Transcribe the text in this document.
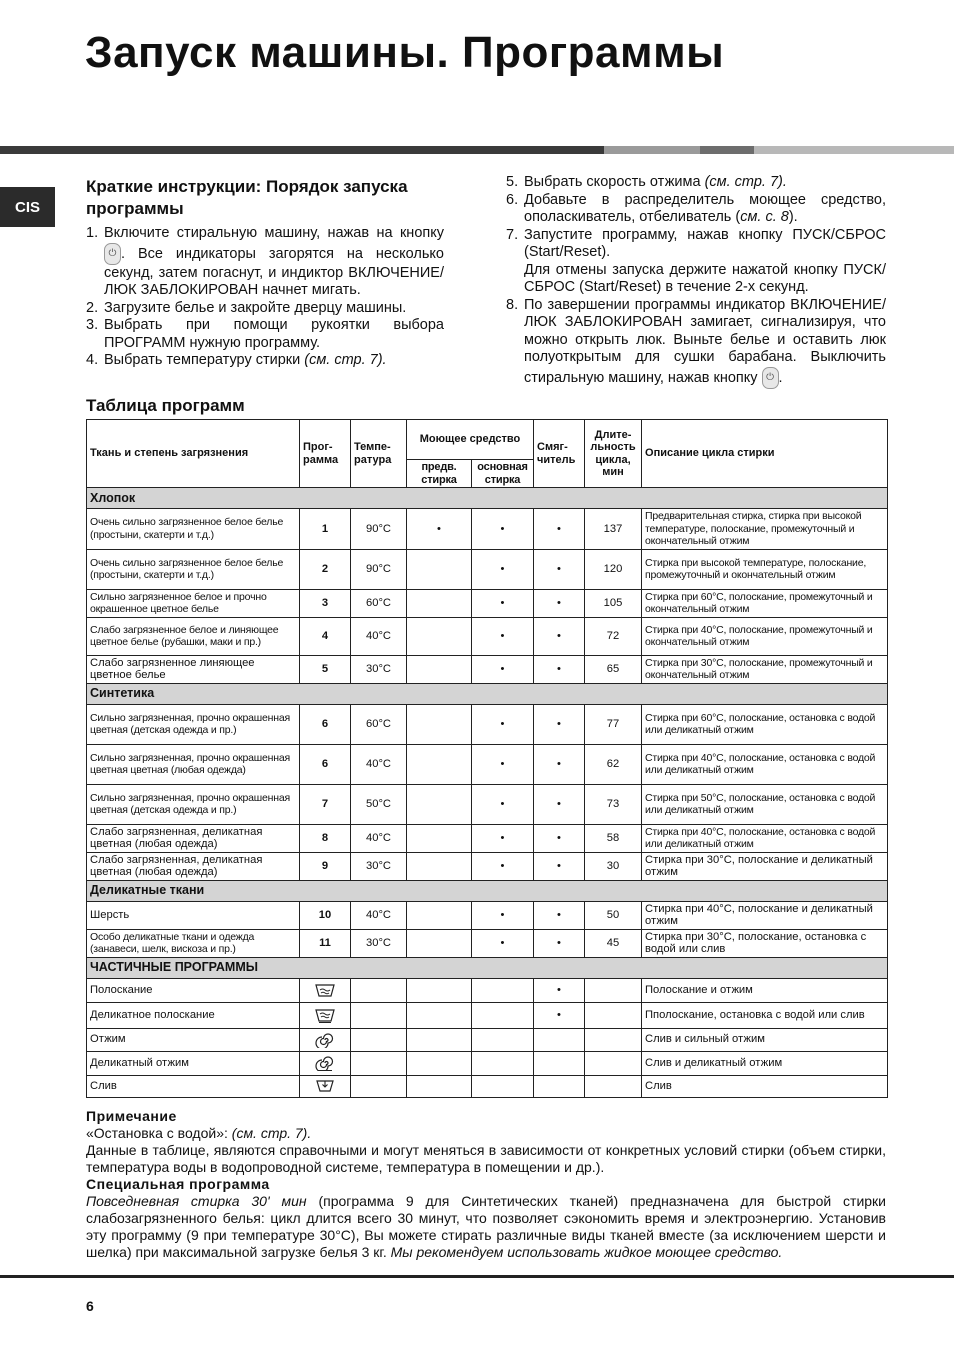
Запуск машины. Программы
CIS
Краткие инструкции: Порядок запуска программы
1. Включите стиральную машину, нажав на кнопку ⏻ . Все индикаторы загорятся на несколько секунд, затем погаснут, и индиктор ВКЛЮЧЕНИЕ/ЛЮК ЗАБЛОКИРОВАН начнет мигать.
2. Загрузите белье и закройте дверцу машины.
3. Выбрать при помощи рукоятки выбора ПРОГРАММ нужную программу.
4. Выбрать температуру стирки (см. стр. 7).
5. Выбрать скорость отжима (см. стр. 7).
6. Добавьте в распределитель моющее средство, ополаскиватель, отбеливатель (см. с. 8).
7. Запустите программу, нажав кнопку ПУСК/СБРОС (Start/Reset).
Для отмены запуска держите нажатой кнопку ПУСК/СБРОС (Start/Reset) в течение 2-х секунд.
8. По завершении программы индикатор ВКЛЮЧЕНИЕ/ЛЮК ЗАБЛОКИРОВАН замигает, сигнализируя, что можно открыть люк. Выньте белье и оставить люк полуоткрытым для сушки барабана. Выключить стиральную машину, нажав кнопку ⏻ .
Таблица программ
Ткань и степень загрязнения	Прог-рамма	Темпе-ратура	Моющее средство		Смяг-читель	Длите-льность цикла, мин	Описание цикла стирки
			предв. стирка	основная стирка			
Хлопок							
Очень сильно загрязненное белое белье (простыни, скатерти и т.д.)	1	90°C	•	•	•	137	Предварительная стирка, стирка при высокой температуре, полоскание, промежуточный и окончательный отжим
Очень сильно загрязненное белое белье (простыни, скатерти и т.д.)	2	90°C		•	•	120	Стирка при высокой температуре, полоскание, промежуточный и окончательный отжим
Сильно загрязненное белое и прочно окрашенное цветное белье	3	60°C		•	•	105	Стирка при 60°C, полоскание, промежуточный и окончательный отжим
Слабо загрязненное белое и линяющее цветное белье (рубашки, маки и пр.)	4	40°C		•	•	72	Стирка при 40°C, полоскание, промежуточный и окончательный отжим
Слабо загрязненное линяющее цветное белье	5	30°C		•	•	65	Стирка при 30°C, полоскание, промежуточный и окончательный отжим
Синтетика							
Сильно загрязненная, прочно окрашенная цветная (детская одежда и пр.)	6	60°C		•	•	77	Стирка при 60°C, полоскание, остановка с водой или деликатный отжим
Сильно загрязненная, прочно окрашенная цветная цветная (любая одежда)	6	40°C		•	•	62	Стирка при 40°C, полоскание, остановка с водой или деликатный отжим
Сильно загрязненная, прочно окрашенная цветная (детская одежда и пр.)	7	50°C		•	•	73	Стирка при 50°C, полоскание, остановка с водой или деликатный отжим
Слабо загрязненная, деликатная цветная (любая одежда)	8	40°C		•	•	58	Стирка при 40°C, полоскание, остановка с водой или деликатный отжим
Слабо загрязненная, деликатная цветная (любая одежда)	9	30°C		•	•	30	Стирка при 30°C, полоскание и деликатный отжим
Деликатные ткани							
Шерсть	10	40°C		•	•	50	Стирка при 40°C, полоскание и деликатный отжим
Особо деликатные ткани и одежда (занавеси, шелк, вискоза и пр.)	11	30°C		•	•	45	Стирка при 30°C, полоскание, остановка с водой или слив
ЧАСТИЧНЫЕ ПРОГРАММЫ							
Полоскание					•		Полоскание и отжим
Деликатное полоскание					•		Пполоскание, остановка с водой или слив
Отжим							Слив и сильный отжим
Деликатный отжим							Слив и деликатный отжим
Слив							Слив
Примечание
«Остановка с водой»: (см. стр. 7).
Данные в таблице, являются справочными и могут меняться в зависимости от конкретных условий стирки (объем стирки, температура воды в водопроводной системе, температура в помещении и др.).
Специальная программа
Повседневная стирка 30' мин (программа 9 для Синтетических тканей) предназначена для быстрой стирки слабозагрязненного белья: цикл длится всего 30 минут, что позволяет сэкономить время и электроэнергию. Установив эту программу (9 при температуре 30°C), Вы можете стирать различные виды тканей вместе (за исключением шерсти и шелка) при максимальной загрузке белья 3 кг. Мы рекомендуем использовать жидкое моющее средство.
6
